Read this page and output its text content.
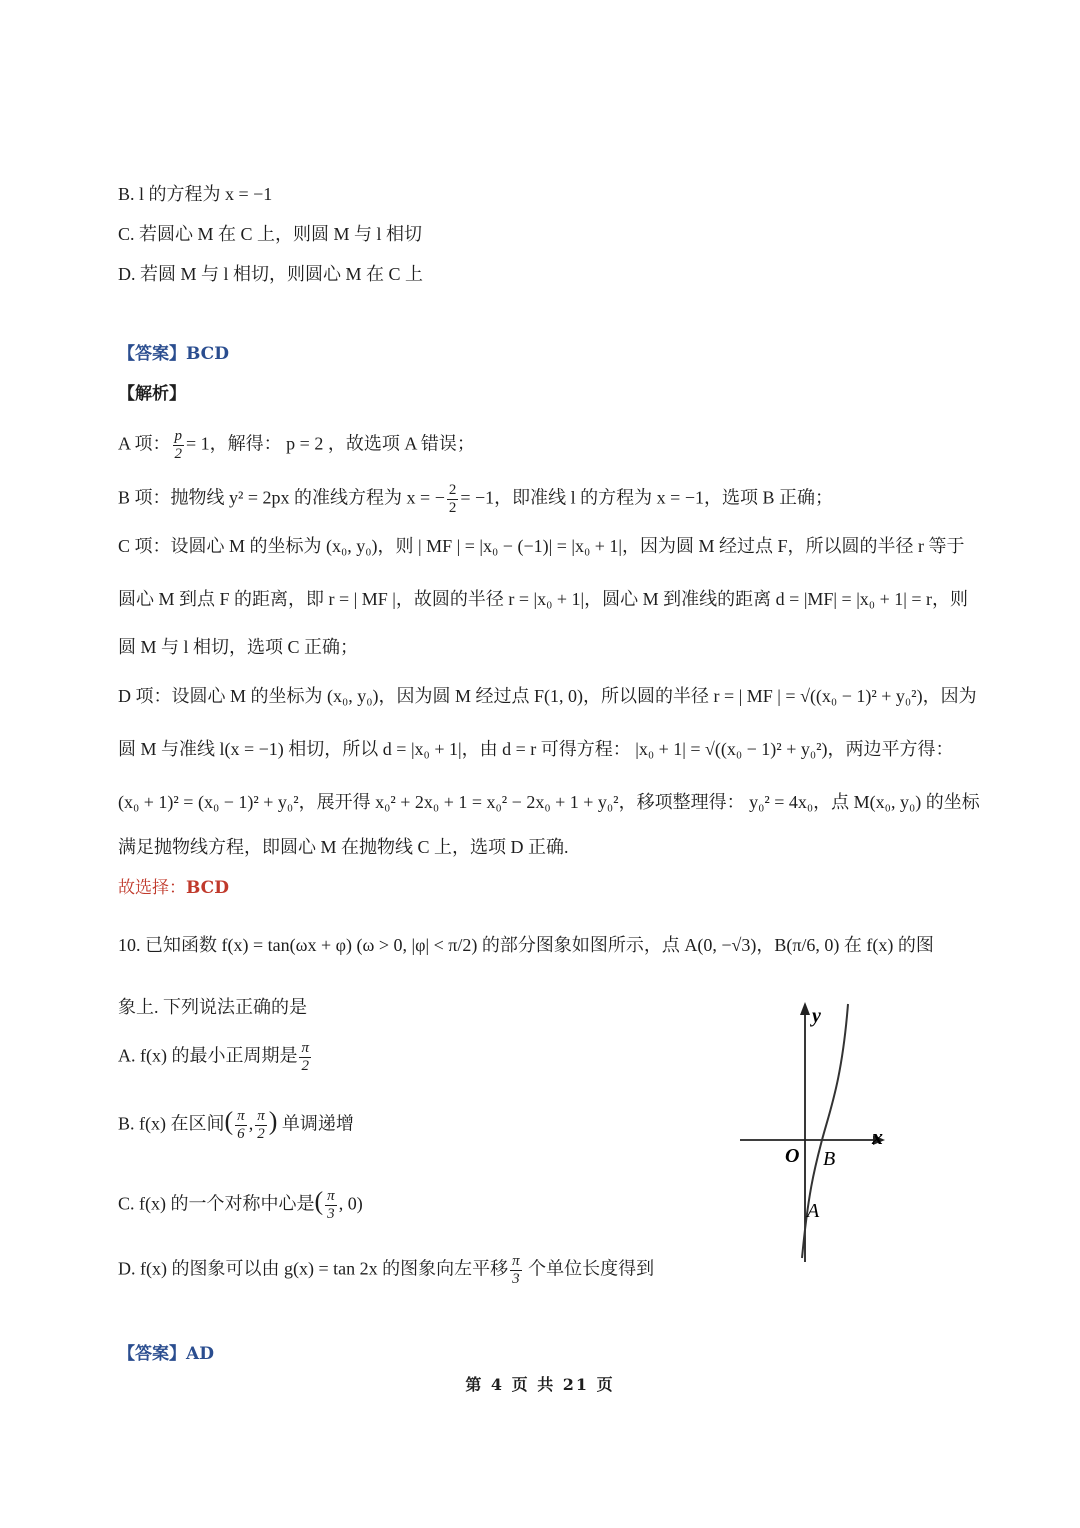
B. l 的方程为 x = −1
C. 若圆心 M 在 C 上，则圆 M 与 l 相切
D. 若圆 M 与 l 相切，则圆心 M 在 C 上
【答案】BCD
【解析】
A 项： $\frac{p}{2} = 1$，解得： p = 2 ，故选项 A 错误；
B 项：抛物线 y² = 2px 的准线方程为 x = − $\frac{2}{2} = -1$，即准线 l 的方程为 x = −1，选项 B 正确；
C 项：设圆心 M 的坐标为 (x₀, y₀)，则 | MF | = |x₀ − (−1)| = |x₀ + 1|，因为圆 M 经过点 F，所以圆的半径 r 等于
圆心 M 到点 F 的距离，即 r = | MF |，故圆的半径 r = |x₀ + 1|，圆心 M 到准线的距离 d = |MF| = |x₀ + 1| = r，则
圆 M 与 l 相切，选项 C 正确；
D 项：设圆心 M 的坐标为 (x₀, y₀)，因为圆 M 经过点 F(1, 0)，所以圆的半径 r = | MF | = √((x₀ − 1)² + y₀²)，因为
圆 M 与准线 l(x = −1) 相切，所以 d = |x₀ + 1|，由 d = r 可得方程： |x₀ + 1| = √((x₀ − 1)² + y₀²)，两边平方得：
(x₀ + 1)² = (x₀ − 1)² + y₀²，展开得 x₀² + 2x₀ + 1 = x₀² − 2x₀ + 1 + y₀²，移项整理得： y₀² = 4x₀，点 M(x₀, y₀) 的坐标
满足抛物线方程，即圆心 M 在抛物线 C 上，选项 D 正确.
故选择：BCD
10. 已知函数 f(x) = tan(ωx + φ) (ω > 0, |φ| < π/2) 的部分图象如图所示，点 A(0, −√3)，B(π/6, 0) 在 f(x) 的图
象上. 下列说法正确的是
A. f(x) 的最小正周期是 $\frac{\pi}{2}$
B. f(x) 在区间( $\frac{\pi}{6}$ , $\frac{\pi}{2}$ ) 单调递增
C. f(x) 的一个对称中心是( $\frac{\pi}{3}$ , 0)
D. f(x) 的图象可以由 g(x) = tan 2x 的图象向左平移 $\frac{\pi}{3}$ 个单位长度得到
y
x
O B
A
【答案】AD
第 4 页 共 21 页
